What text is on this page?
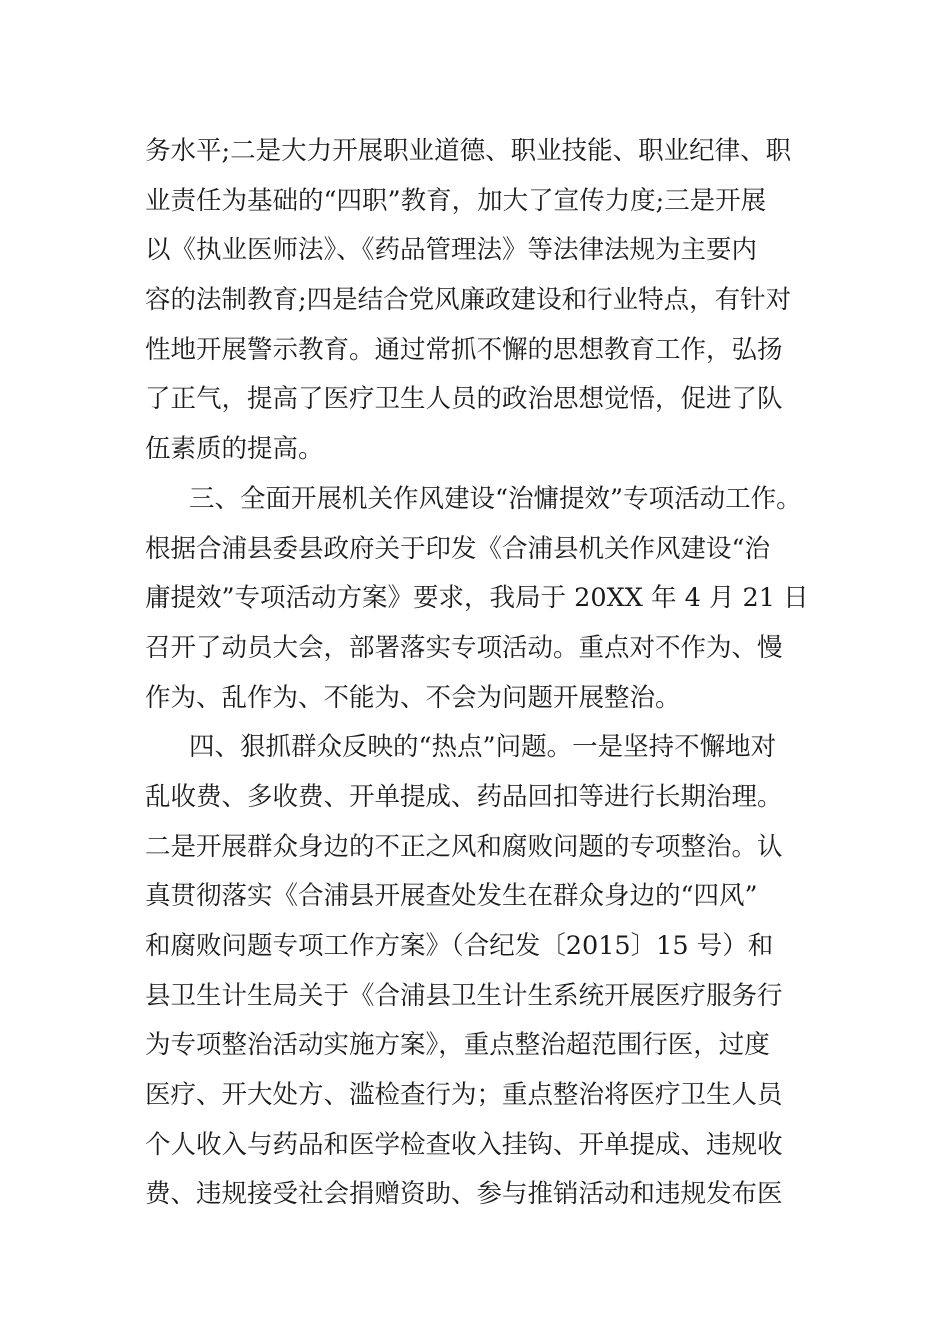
务水平;二是大力开展职业道德、职业技能、职业纪律、职
业责任为基础的“四职”教育，加大了宣传力度;三是开展
以《执业医师法》、《药品管理法》等法律法规为主要内
容的法制教育;四是结合党风廉政建设和行业特点，有针对
性地开展警示教育。通过常抓不懈的思想教育工作，弘扬
了正气，提高了医疗卫生人员的政治思想觉悟，促进了队
伍素质的提高。
三、全面开展机关作风建设“治慵提效”专项活动工作。
根据合浦县委县政府关于印发《合浦县机关作风建设“治
庸提效”专项活动方案》要求，我局于 20XX 年 4 月 21 日
召开了动员大会，部署落实专项活动。重点对不作为、慢
作为、乱作为、不能为、不会为问题开展整治。
四、狠抓群众反映的“热点”问题。一是坚持不懈地对
乱收费、多收费、开单提成、药品回扣等进行长期治理。
二是开展群众身边的不正之风和腐败问题的专项整治。认
真贯彻落实《合浦县开展查处发生在群众身边的“四风”
和腐败问题专项工作方案》（合纪发〔2015〕15 号）和
县卫生计生局关于《合浦县卫生计生系统开展医疗服务行
为专项整治活动实施方案》，重点整治超范围行医，过度
医疗、开大处方、滥检查行为；重点整治将医疗卫生人员
个人收入与药品和医学检查收入挂钩、开单提成、违规收
费、违规接受社会捐赠资助、参与推销活动和违规发布医
